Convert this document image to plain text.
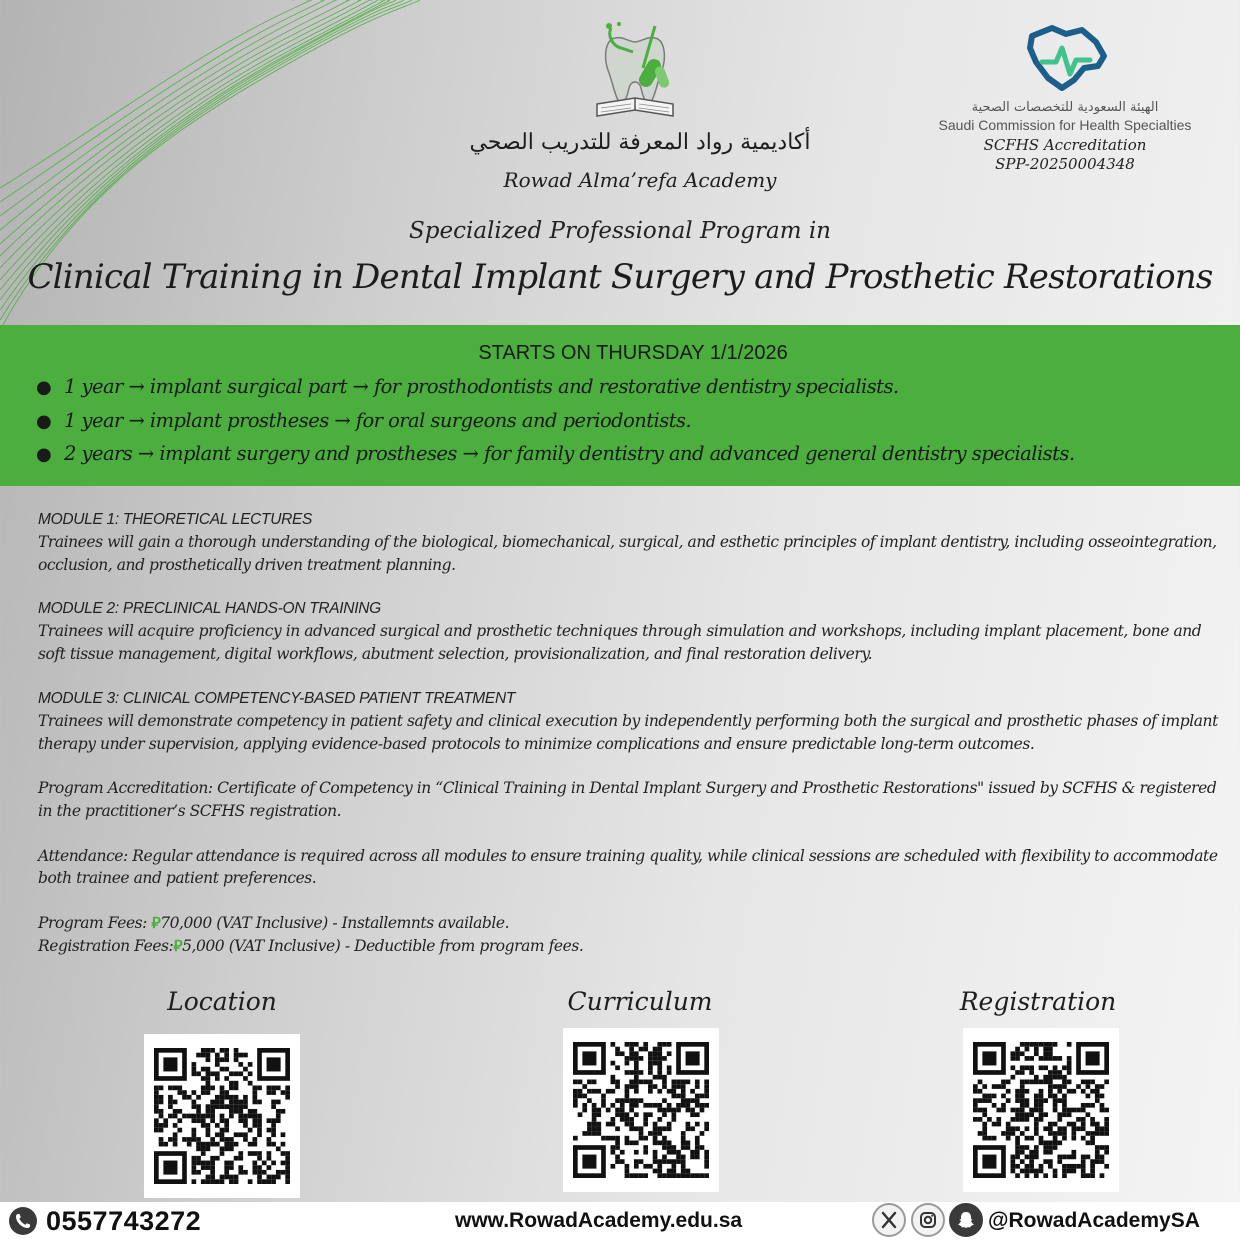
أكاديمية رواد المعرفة للتدريب الصحي
Rowad Alma’refa Academy
الهيئة السعودية للتخصصات الصحية
Saudi Commission for Health Specialties
SCFHS Accreditation
SPP-20250004348
Specialized Professional Program in
Clinical Training in Dental Implant Surgery and Prosthetic Restorations
STARTS ON THURSDAY 1/1/2026
● 1 year → implant surgical part → for prosthodontists and restorative dentistry specialists.
● 1 year → implant prostheses → for oral surgeons and periodontists.
● 2 years → implant surgery and prostheses → for family dentistry and advanced general dentistry specialists.
MODULE 1: THEORETICAL LECTURES
Trainees will gain a thorough understanding of the biological, biomechanical, surgical, and esthetic principles of implant dentistry, including osseointegration, occlusion, and prosthetically driven treatment planning.
MODULE 2: PRECLINICAL HANDS-ON TRAINING
Trainees will acquire proficiency in advanced surgical and prosthetic techniques through simulation and workshops, including implant placement, bone and soft tissue management, digital workflows, abutment selection, provisionalization, and final restoration delivery.
MODULE 3: CLINICAL COMPETENCY-BASED PATIENT TREATMENT
Trainees will demonstrate competency in patient safety and clinical execution by independently performing both the surgical and prosthetic phases of implant therapy under supervision, applying evidence-based protocols to minimize complications and ensure predictable long-term outcomes.
Program Accreditation: Certificate of Competency in “Clinical Training in Dental Implant Surgery and Prosthetic Restorations" issued by SCFHS & registered in the practitioner’s SCFHS registration.
Attendance: Regular attendance is required across all modules to ensure training quality, while clinical sessions are scheduled with flexibility to accommodate both trainee and patient preferences.
Program Fees: ⃁70,000 (VAT Inclusive) - Installemnts available.
Registration Fees:⃁5,000 (VAT Inclusive) - Deductible from program fees.
Location	Curriculum	Registration
0557743272	www.RowadAcademy.edu.sa	@RowadAcademySA
